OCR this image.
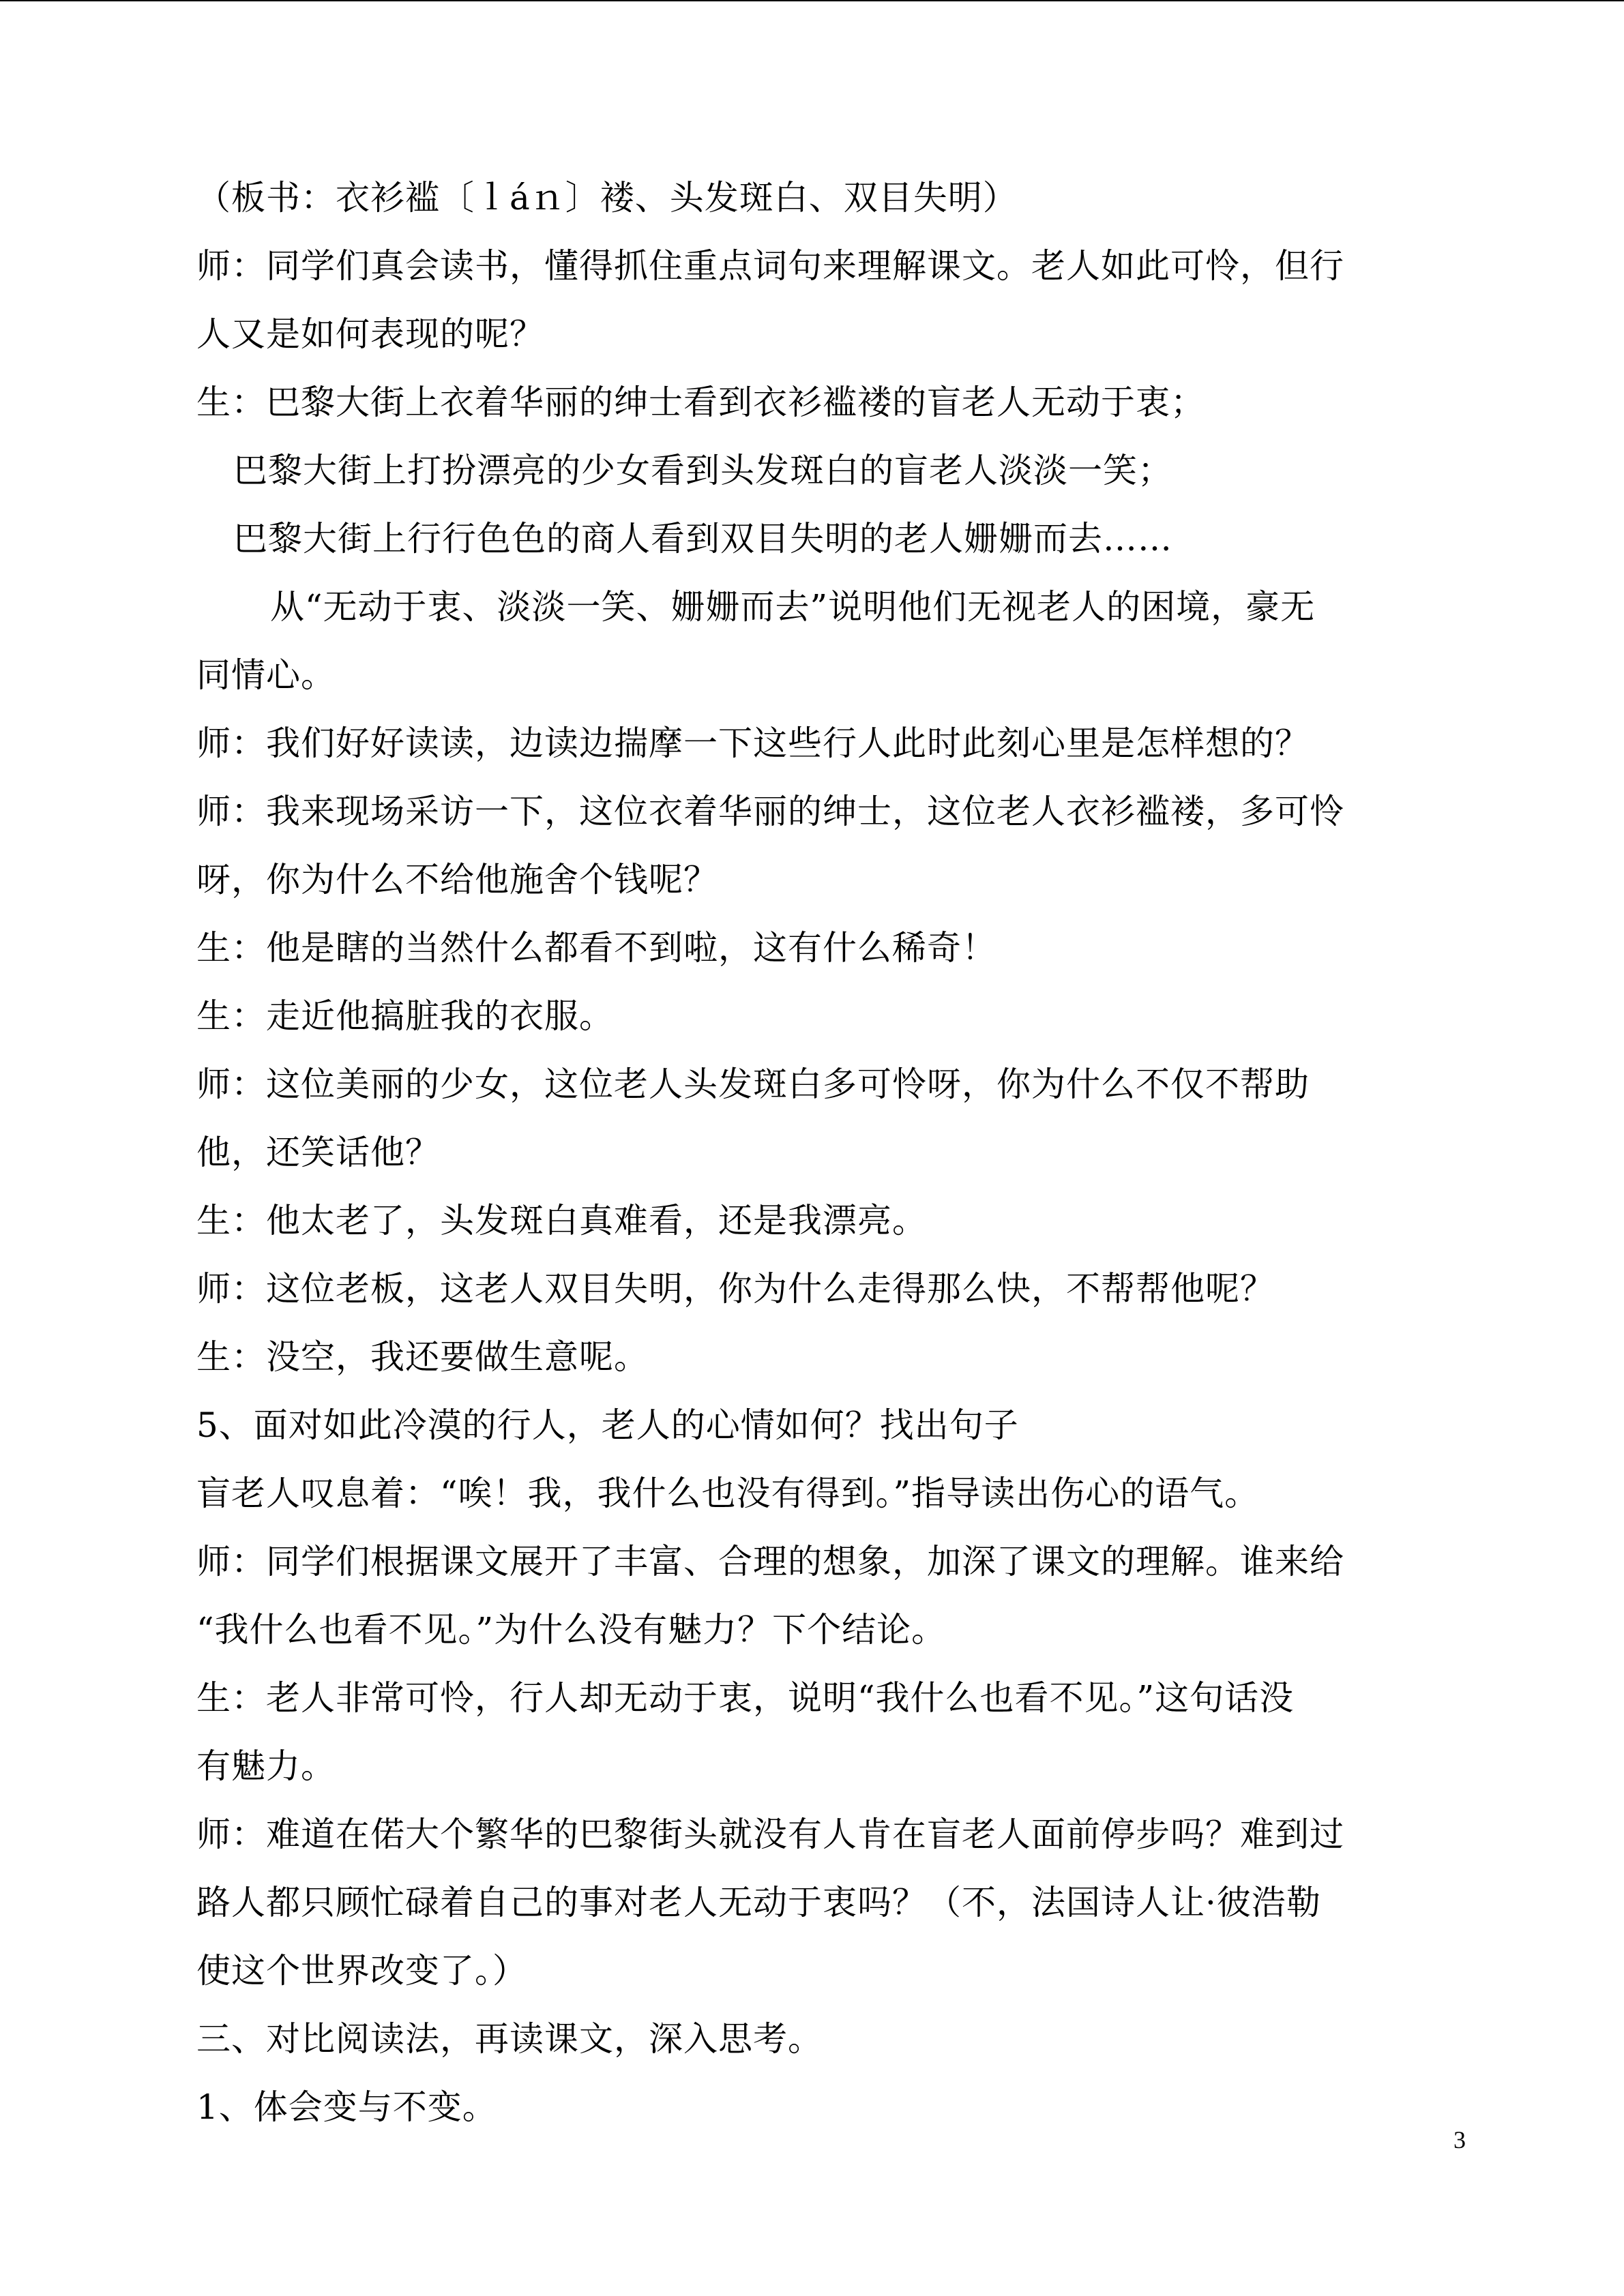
（板书：衣衫褴〔ｌáｎ〕褛、头发斑白、双目失明）
师：同学们真会读书，懂得抓住重点词句来理解课文。老人如此可怜，但行
人又是如何表现的呢？
生：巴黎大街上衣着华丽的绅士看到衣衫褴褛的盲老人无动于衷；
巴黎大街上打扮漂亮的少女看到头发斑白的盲老人淡淡一笑；
巴黎大街上行行色色的商人看到双目失明的老人姗姗而去……
从“无动于衷、淡淡一笑、姗姗而去”说明他们无视老人的困境，豪无
同情心。
师：我们好好读读，边读边揣摩一下这些行人此时此刻心里是怎样想的？
师：我来现场采访一下，这位衣着华丽的绅士，这位老人衣衫褴褛，多可怜
呀，你为什么不给他施舍个钱呢？
生：他是瞎的当然什么都看不到啦，这有什么稀奇！
生：走近他搞脏我的衣服。
师：这位美丽的少女，这位老人头发斑白多可怜呀，你为什么不仅不帮助
他，还笑话他？
生：他太老了，头发斑白真难看，还是我漂亮。
师：这位老板，这老人双目失明，你为什么走得那么快，不帮帮他呢？
生：没空，我还要做生意呢。
5、面对如此冷漠的行人，老人的心情如何？找出句子
盲老人叹息着：“唉！我，我什么也没有得到。”指导读出伤心的语气。
师：同学们根据课文展开了丰富、合理的想象，加深了课文的理解。谁来给
“我什么也看不见。”为什么没有魅力？下个结论。
生：老人非常可怜，行人却无动于衷，说明“我什么也看不见。”这句话没
有魅力。
师：难道在偌大个繁华的巴黎街头就没有人肯在盲老人面前停步吗？难到过
路人都只顾忙碌着自己的事对老人无动于衷吗？（不，法国诗人让·彼浩勒
使这个世界改变了。）
三、对比阅读法，再读课文，深入思考。
1、体会变与不变。
3
